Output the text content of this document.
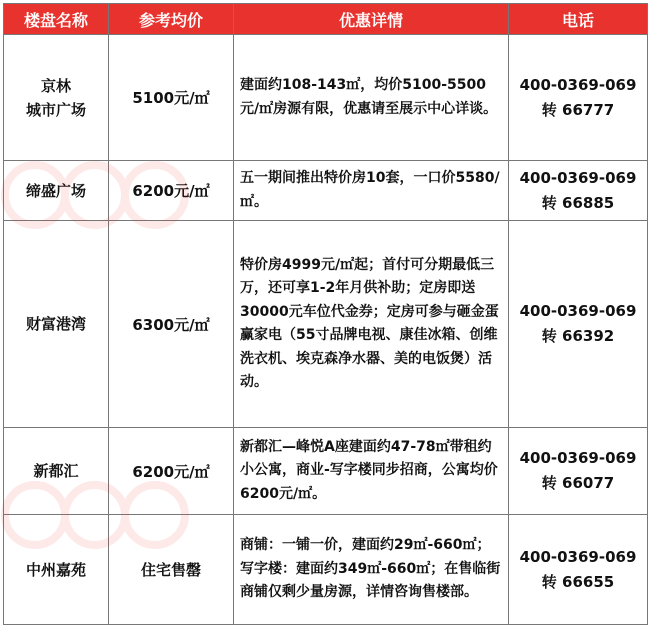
楼盘名称	参考均价	优惠详情	电话

京林
城市广场	5100元/㎡	建面约108-143㎡，均价5100-5500元/㎡房源有限，优惠请至展示中心详谈。	400-0369-069
转 66777

缔盛广场	6200元/㎡	五一期间推出特价房10套，一口价5580/㎡。	400-0369-069
转 66885

财富港湾	6300元/㎡	特价房4999元/㎡起；首付可分期最低三万，还可享1-2年月供补助；定房即送30000元车位代金券；定房可参与砸金蛋赢家电（55寸品牌电视、康佳冰箱、创维洗衣机、埃克森净水器、美的电饭煲）活动。	400-0369-069
转 66392

新都汇	6200元/㎡	新都汇—峰悦A座建面约47-78㎡带租约小公寓，商业-写字楼同步招商，公寓均价6200元/㎡。	400-0369-069
转 66077

中州嘉苑	住宅售罄	商铺：一铺一价，建面约29㎡-660㎡；写字楼：建面约349㎡-660㎡；在售临街商铺仅剩少量房源，详情咨询售楼部。	400-0369-069
转 66655
